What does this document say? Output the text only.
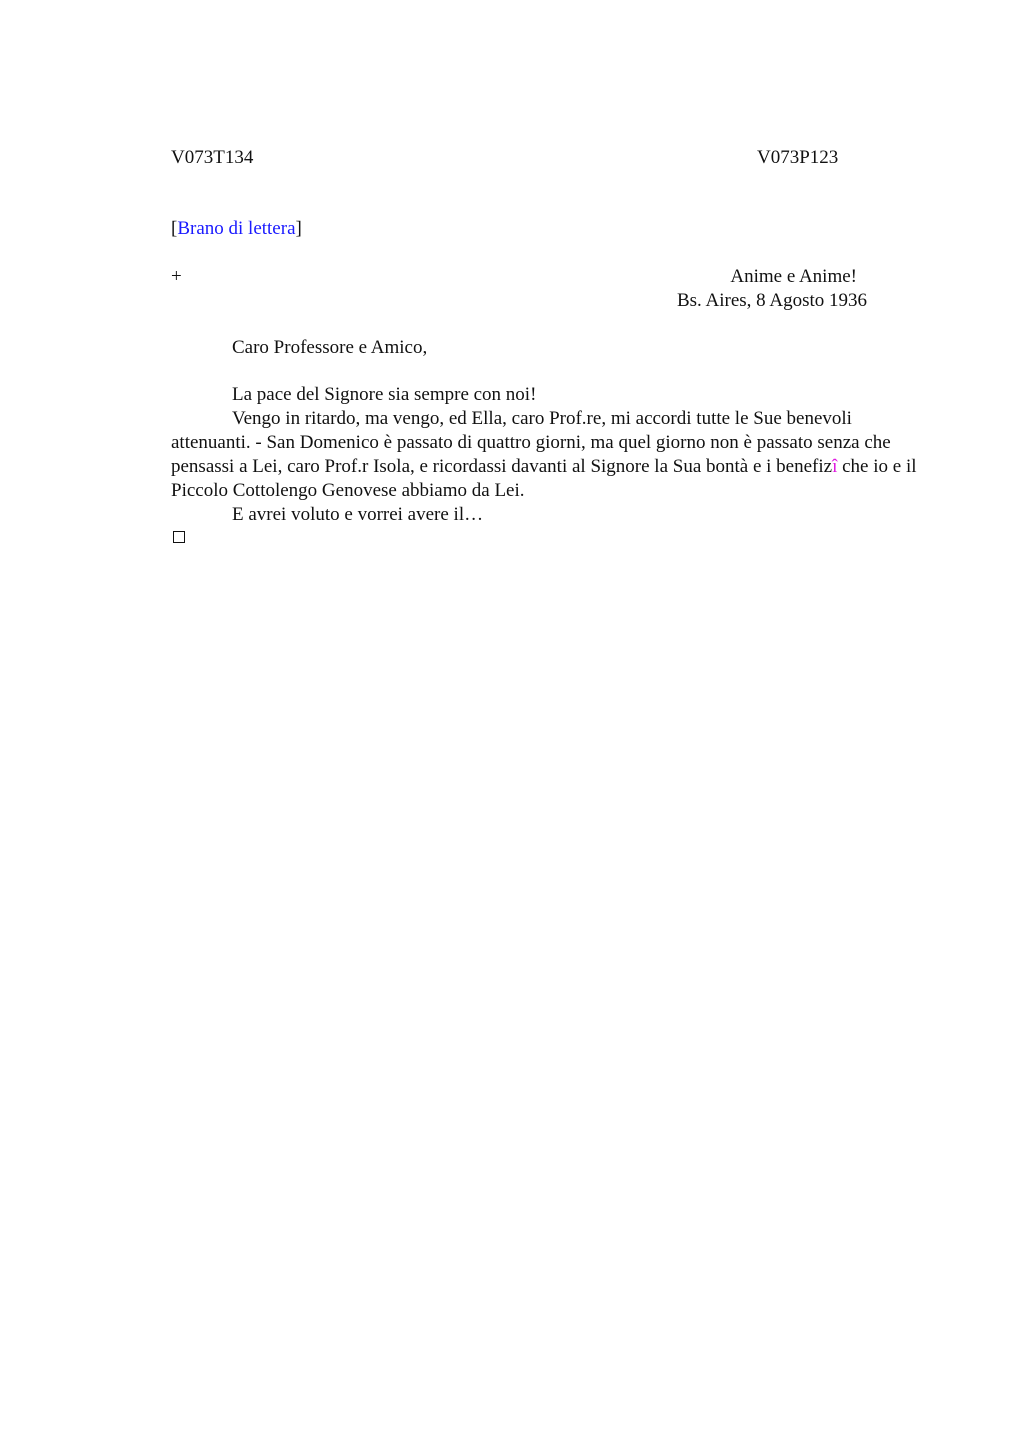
V073T134	V073P123
[Brano di lettera]
+	Anime e Anime!
Bs. Aires, 8 Agosto 1936
Caro Professore e Amico,

La pace del Signore sia sempre con noi!

Vengo in ritardo, ma vengo, ed Ella, caro Prof.re, mi accordi tutte le Sue benevoli attenuanti. - San Domenico è passato di quattro giorni, ma quel giorno non è passato senza che pensassi a Lei, caro Prof.r Isola, e ricordassi davanti al Signore la Sua bontà e i benefizî che io e il Piccolo Cottolengo Genovese abbiamo da Lei.

E avrei voluto e vorrei avere il…
